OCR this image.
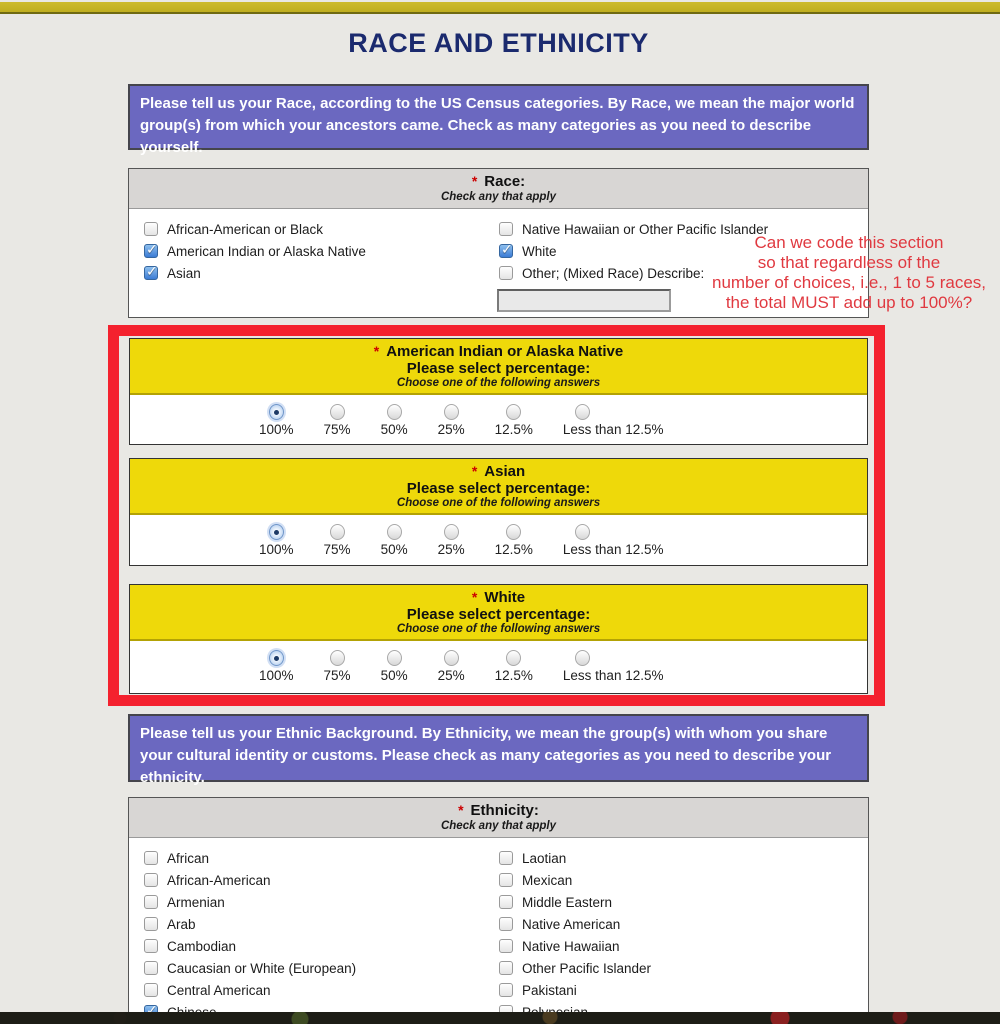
RACE AND ETHNICITY
Please tell us your Race, according to the US Census categories. By Race, we mean the major world group(s) from which your ancestors came. Check as many categories as you need to describe yourself.
* Race:
Check any that apply
African-American or Black
✓
American Indian or Alaska Native
✓
Asian
Native Hawaiian or Other Pacific Islander
✓
White
Other; (Mixed Race) Describe:
Can we code this section
so that regardless of the
number of choices, i.e., 1 to 5 races,
the total MUST add up to 100%?
* American Indian or Alaska Native
Please select percentage:
Choose one of the following answers
100% 75% 50% 25% 12.5% Less than 12.5%
* Asian
Please select percentage:
Choose one of the following answers
100% 75% 50% 25% 12.5% Less than 12.5%
* White
Please select percentage:
Choose one of the following answers
100% 75% 50% 25% 12.5% Less than 12.5%
Please tell us your Ethnic Background. By Ethnicity, we mean the group(s) with whom you share your cultural identity or customs. Please check as many categories as you need to describe your ethnicity.
* Ethnicity:
Check any that apply
African
African-American
Armenian
Arab
Cambodian
Caucasian or White (European)
Central American
✓
Laotian
Mexican
Middle Eastern
Native American
Native Hawaiian
Other Pacific Islander
Pakistani
